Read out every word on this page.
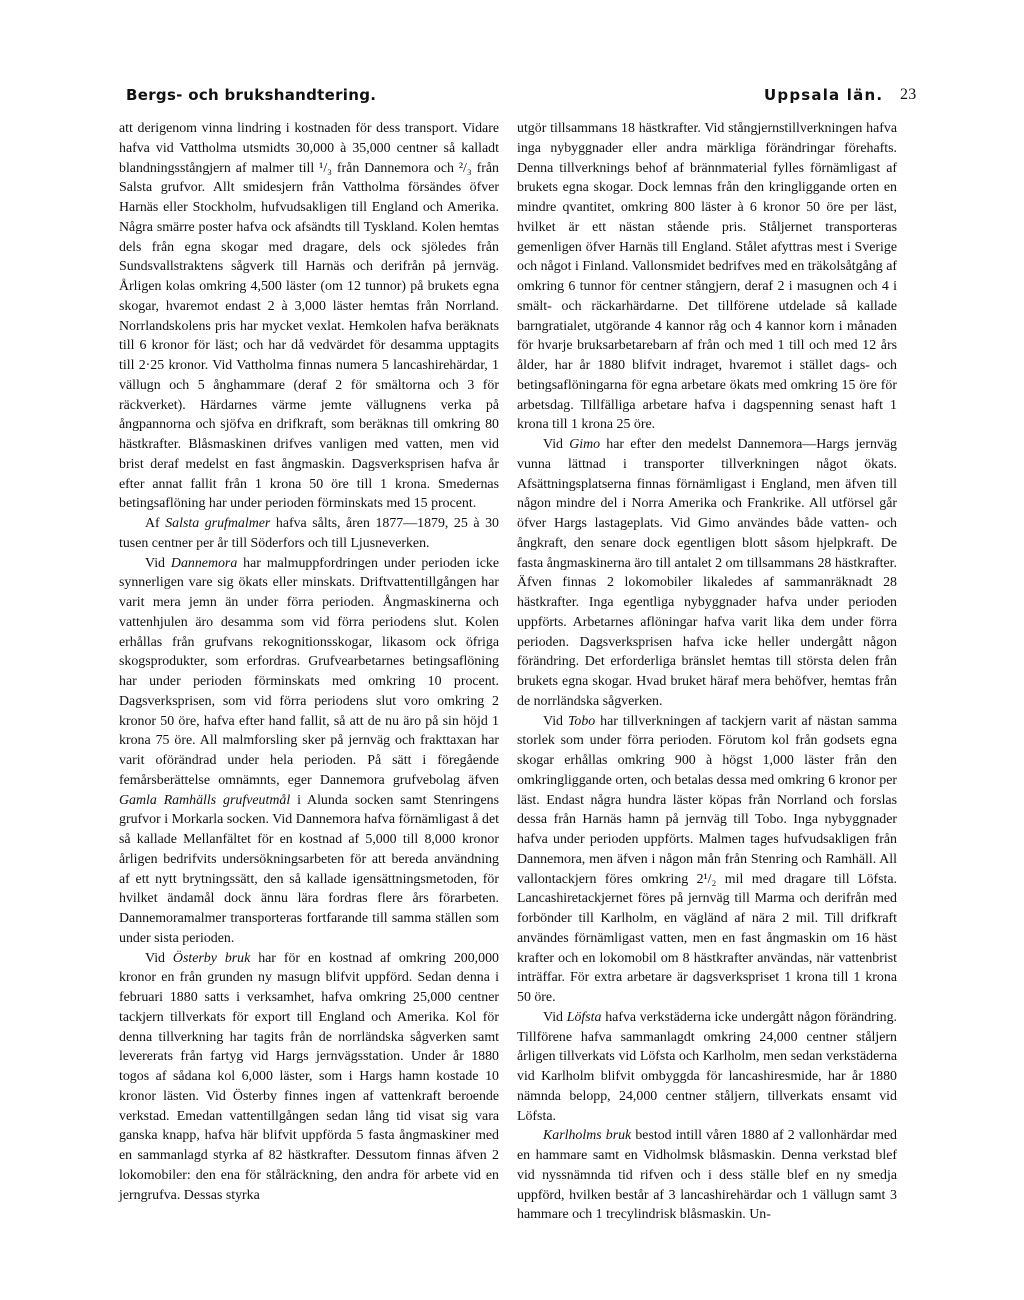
Bergs- och brukshandtering.	Uppsala län. 23

att derigenom vinna lindring i kostnaden för dess transport. Vidare hafva vid Vattholma utsmidts 30,000 à 35,000 centner så kalladt blandningsstångjern af malmer till ¹/₃ från Dannemora och ²/₃ från Salsta grufvor. Allt smidesjern från Vattholma försändes öfver Harnäs eller Stockholm, hufvudsakligen till England och Amerika. Några smärre poster hafva ock afsändts till Tyskland. Kolen hemtas dels från egna skogar med dragare, dels ock sjöledes från Sundsvallstraktens sågverk till Harnäs och derifrån på jernväg. Årligen kolas omkring 4,500 läster (om 12 tunnor) på brukets egna skogar, hvaremot endast 2 à 3,000 läster hemtas från Norrland. Norrlandskolens pris har mycket vexlat. Hemkolen hafva beräknats till 6 kronor för läst; och har då vedvärdet för desamma upptagits till 2·25 kronor. Vid Vattholma finnas numera 5 lancashirehärdar, 1 vällugn och 5 ånghammare (deraf 2 för smältorna och 3 för räckverket). Härdarnes värme jemte vällugnens verka på ångpannorna och sjöfva en drifkraft, som beräknas till omkring 80 hästkrafter. Blåsmaskinen drifves vanligen med vatten, men vid brist deraf medelst en fast ångmaskin. Dagsverksprisen hafva år efter annat fallit från 1 krona 50 öre till 1 krona. Smedernas betingsaflöning har under perioden förminskats med 15 procent.

Af Salsta grufmalmer hafva sålts, åren 1877—1879, 25 à 30 tusen centner per år till Söderfors och till Ljusneverken.

Vid Dannemora har malmuppfordringen under perioden icke synnerligen vare sig ökats eller minskats. Driftvattentillgången har varit mera jemn än under förra perioden. Ångmaskinerna och vattenhjulen äro desamma som vid förra periodens slut. Kolen erhållas från grufvans rekognitionsskogar, likasom ock öfriga skogsprodukter, som erfordras. Grufvearbetarnes betingsaflöning har under perioden förminskats med omkring 10 procent. Dagsverksprisen, som vid förra periodens slut voro omkring 2 kronor 50 öre, hafva efter hand fallit, så att de nu äro på sin höjd 1 krona 75 öre. All malmforsling sker på jernväg och frakttaxan har varit oförändrad under hela perioden. På sätt i föregående femårsberättelse omnämnts, eger Dannemora grufvebolag äfven Gamla Ramhälls grufveutmål i Alunda socken samt Stenringens grufvor i Morkarla socken. Vid Dannemora hafva förnämligast å det så kallade Mellanfältet för en kostnad af 5,000 till 8,000 kronor årligen bedrifvits undersökningsarbeten för att bereda användning af ett nytt brytningssätt, den så kallade igensättningsmetoden, för hvilket ändamål dock ännu lära fordras flere års förarbeten. Dannemoramalmer transporteras fortfarande till samma ställen som under sista perioden.

Vid Österby bruk har för en kostnad af omkring 200,000 kronor en från grunden ny masugn blifvit uppförd. Sedan denna i februari 1880 satts i verksamhet, hafva omkring 25,000 centner tackjern tillverkats för export till England och Amerika. Kol för denna tillverkning har tagits från de norrländska sågverken samt levererats från fartyg vid Hargs jernvägsstation. Under år 1880 togos af sådana kol 6,000 läster, som i Hargs hamn kostade 10 kronor lästen. Vid Österby finnes ingen af vattenkraft beroende verkstad. Emedan vattentillgången sedan lång tid visat sig vara ganska knapp, hafva här blifvit uppförda 5 fasta ångmaskiner med en sammanlagd styrka af 82 hästkrafter. Dessutom finnas äfven 2 lokomobiler: den ena för stålräckning, den andra för arbete vid en jerngrufva. Dessas styrka

utgör tillsammans 18 hästkrafter. Vid stångjernstillverkningen hafva inga nybyggnader eller andra märkliga förändringar förehafts. Denna tillverknings behof af brännmaterial fylles förnämligast af brukets egna skogar. Dock lemnas från den kringliggande orten en mindre qvantitet, omkring 800 läster à 6 kronor 50 öre per läst, hvilket är ett nästan stående pris. Ståljernet transporteras gemenligen öfver Harnäs till England. Stålet afyttras mest i Sverige och något i Finland. Vallonsmidet bedrifves med en träkolsåtgång af omkring 6 tunnor för centner stångjern, deraf 2 i masugnen och 4 i smält- och räckarhärdarne. Det tillförene utdelade så kallade barngratialet, utgörande 4 kannor råg och 4 kannor korn i månaden för hvarje bruksarbetarebarn af från och med 1 till och med 12 års ålder, har år 1880 blifvit indraget, hvaremot i stället dags- och betingsaflöningarna för egna arbetare ökats med omkring 15 öre för arbetsdag. Tillfälliga arbetare hafva i dagspenning senast haft 1 krona till 1 krona 25 öre.

Vid Gimo har efter den medelst Dannemora—Hargs jernväg vunna lättnad i transporter tillverkningen något ökats. Afsättningsplatserna finnas förnämligast i England, men äfven till någon mindre del i Norra Amerika och Frankrike. All utförsel går öfver Hargs lastageplats. Vid Gimo användes både vatten- och ångkraft, den senare dock egentligen blott såsom hjelpkraft. De fasta ångmaskinerna äro till antalet 2 om tillsammans 28 hästkrafter. Äfven finnas 2 lokomobiler likaledes af sammanräknadt 28 hästkrafter. Inga egentliga nybyggnader hafva under perioden uppförts. Arbetarnes aflöningar hafva varit lika dem under förra perioden. Dagsverksprisen hafva icke heller undergått någon förändring. Det erforderliga bränslet hemtas till största delen från brukets egna skogar. Hvad bruket häraf mera behöfver, hemtas från de norrländska sågverken.

Vid Tobo har tillverkningen af tackjern varit af nästan samma storlek som under förra perioden. Förutom kol från godsets egna skogar erhållas omkring 900 à högst 1,000 läster från den omkringliggande orten, och betalas dessa med omkring 6 kronor per läst. Endast några hundra läster köpas från Norrland och forslas dessa från Harnäs hamn på jernväg till Tobo. Inga nybyggnader hafva under perioden uppförts. Malmen tages hufvudsakligen från Dannemora, men äfven i någon mån från Stenring och Ramhäll. All vallontackjern föres omkring 2¹/₂ mil med dragare till Löfsta. Lancashiretackjernet föres på jernväg till Marma och derifrån med forbönder till Karlholm, en vägländ af nära 2 mil. Till drifkraft användes förnämligast vatten, men en fast ångmaskin om 16 häst krafter och en lokomobil om 8 hästkrafter användas, när vattenbrist inträffar. För extra arbetare är dagsverkspriset 1 krona till 1 krona 50 öre.

Vid Löfsta hafva verkstäderna icke undergått någon förändring. Tillförene hafva sammanlagdt omkring 24,000 centner ståljern årligen tillverkats vid Löfsta och Karlholm, men sedan verkstäderna vid Karlholm blifvit ombyggda för lancashiresmide, har år 1880 nämnda belopp, 24,000 centner ståljern, tillverkats ensamt vid Löfsta.

Karlholms bruk bestod intill våren 1880 af 2 vallonhärdar med en hammare samt en Vidholmsk blåsmaskin. Denna verkstad blef vid nyssnämnda tid rifven och i dess ställe blef en ny smedja uppförd, hvilken består af 3 lancashirehärdar och 1 vällugn samt 3 hammare och 1 trecylindrisk blåsmaskin. Un-
